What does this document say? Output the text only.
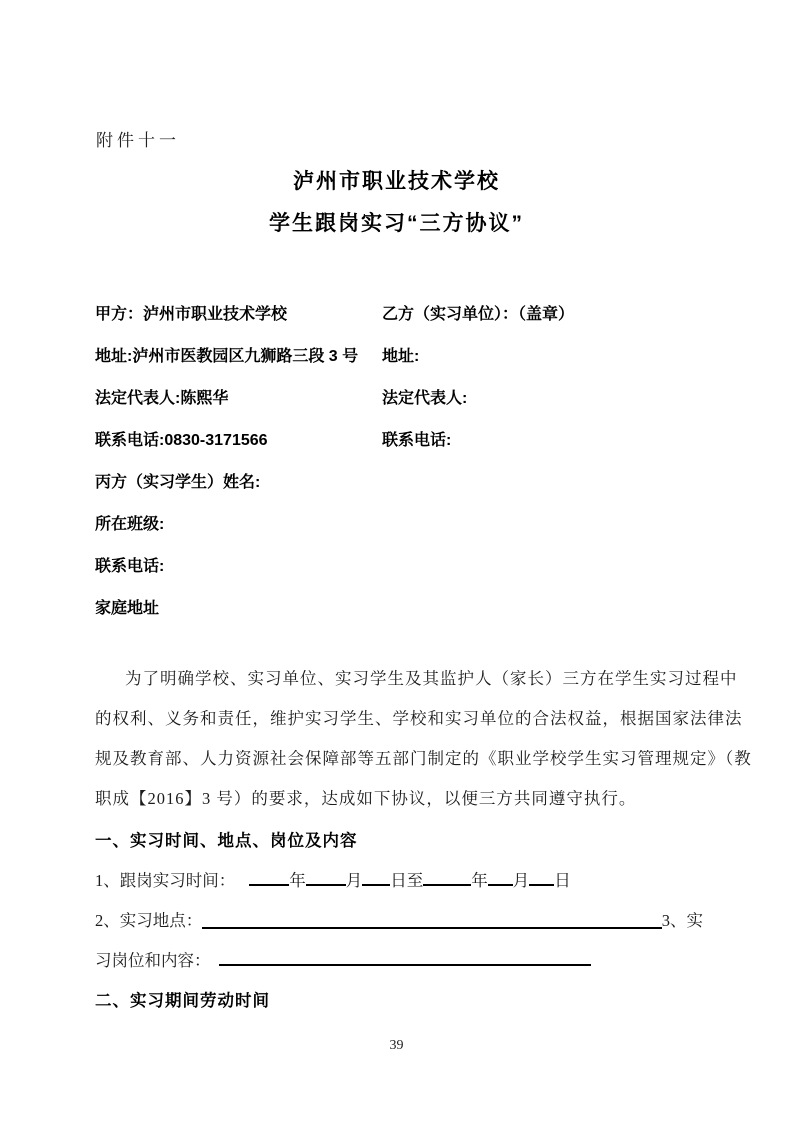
附件十一
泸州市职业技术学校
学生跟岗实习“三方协议”
甲方：泸州市职业技术学校	乙方（实习单位）：（盖章）
地址:泸州市医教园区九狮路三段 3 号 地址:
法定代表人:陈熙华	法定代表人:
联系电话:0830-3171566	联系电话:
丙方（实习学生）姓名:
所在班级:
联系电话:
家庭地址
为了明确学校、实习单位、实习学生及其监护人（家长）三方在学生实习过程中
的权利、义务和责任，维护实习学生、学校和实习单位的合法权益，根据国家法律法
规及教育部、人力资源社会保障部等五部门制定的《职业学校学生实习管理规定》（教
职成【2016】3 号）的要求，达成如下协议，以便三方共同遵守执行。
一、实习时间、地点、岗位及内容
1、跟岗实习时间：	年 月 日至	年 月 日
2、实习地点：	3、实
习岗位和内容：
二、实习期间劳动时间
39
